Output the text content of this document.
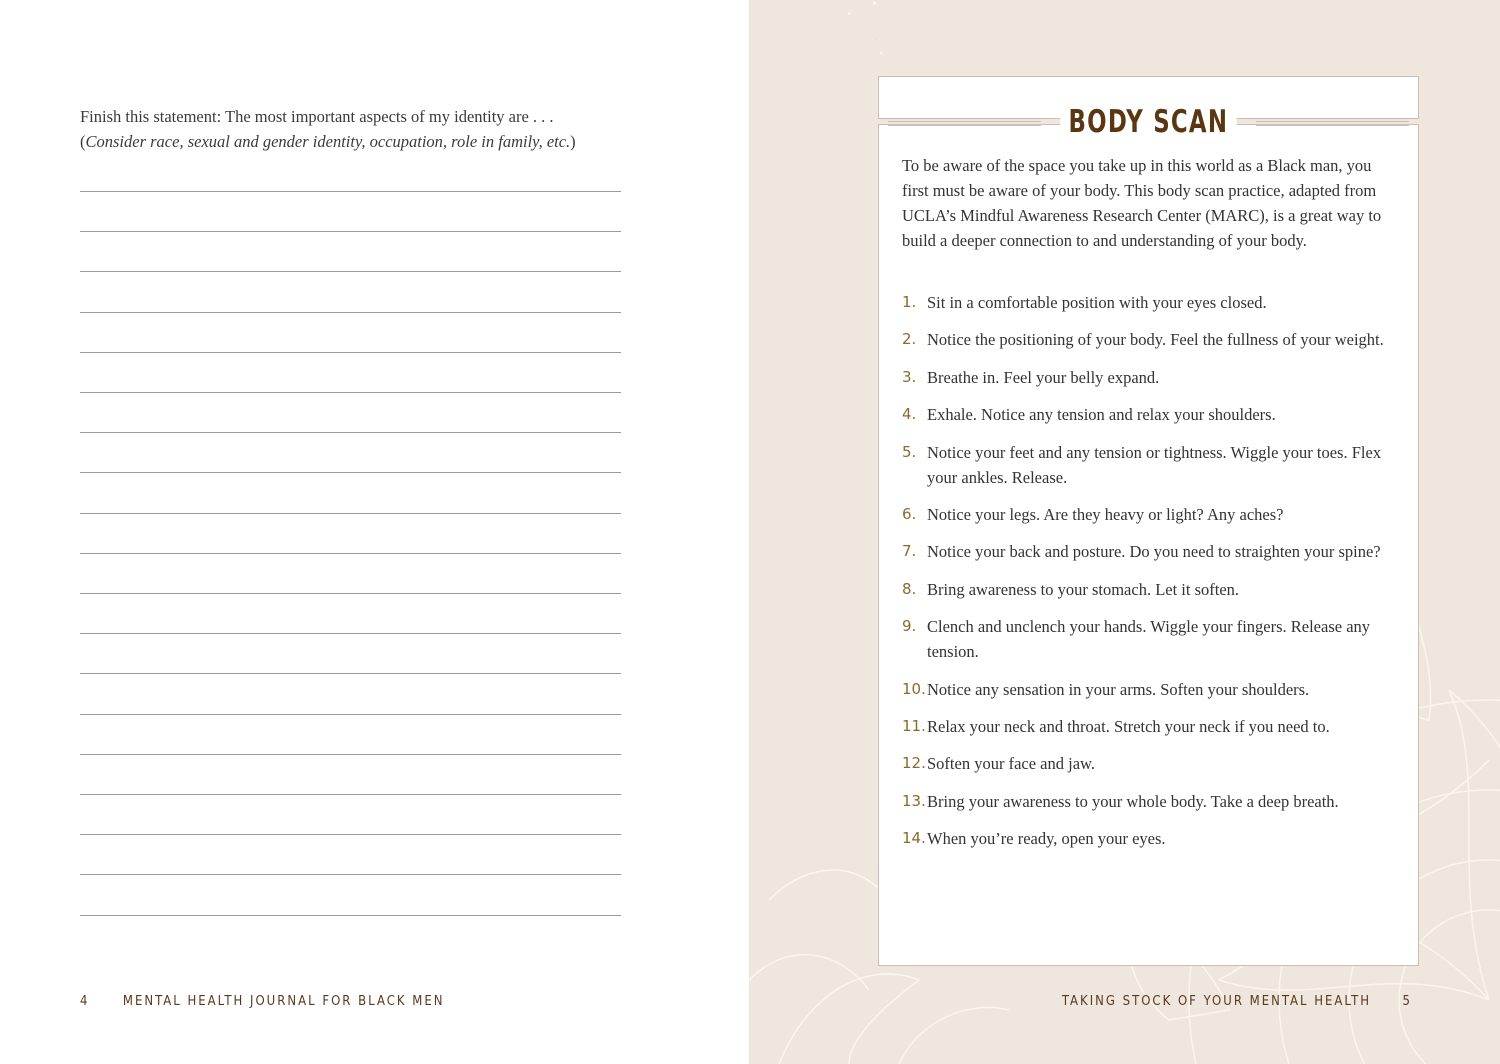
Finish this statement: The most important aspects of my identity are . . .
(Consider race, sexual and gender identity, occupation, role in family, etc.)
4	MENTAL HEALTH JOURNAL FOR BLACK MEN
BODY SCAN
To be aware of the space you take up in this world as a Black man, you first must be aware of your body. This body scan practice, adapted from UCLA’s Mindful Awareness Research Center (MARC), is a great way to build a deeper connection to and understanding of your body.
1. Sit in a comfortable position with your eyes closed.
2. Notice the positioning of your body. Feel the fullness of your weight.
3. Breathe in. Feel your belly expand.
4. Exhale. Notice any tension and relax your shoulders.
5. Notice your feet and any tension or tightness. Wiggle your toes. Flex your ankles. Release.
6. Notice your legs. Are they heavy or light? Any aches?
7. Notice your back and posture. Do you need to straighten your spine?
8. Bring awareness to your stomach. Let it soften.
9. Clench and unclench your hands. Wiggle your fingers. Release any tension.
10. Notice any sensation in your arms. Soften your shoulders.
11. Relax your neck and throat. Stretch your neck if you need to.
12. Soften your face and jaw.
13. Bring your awareness to your whole body. Take a deep breath.
14. When you’re ready, open your eyes.
TAKING STOCK OF YOUR MENTAL HEALTH 5
